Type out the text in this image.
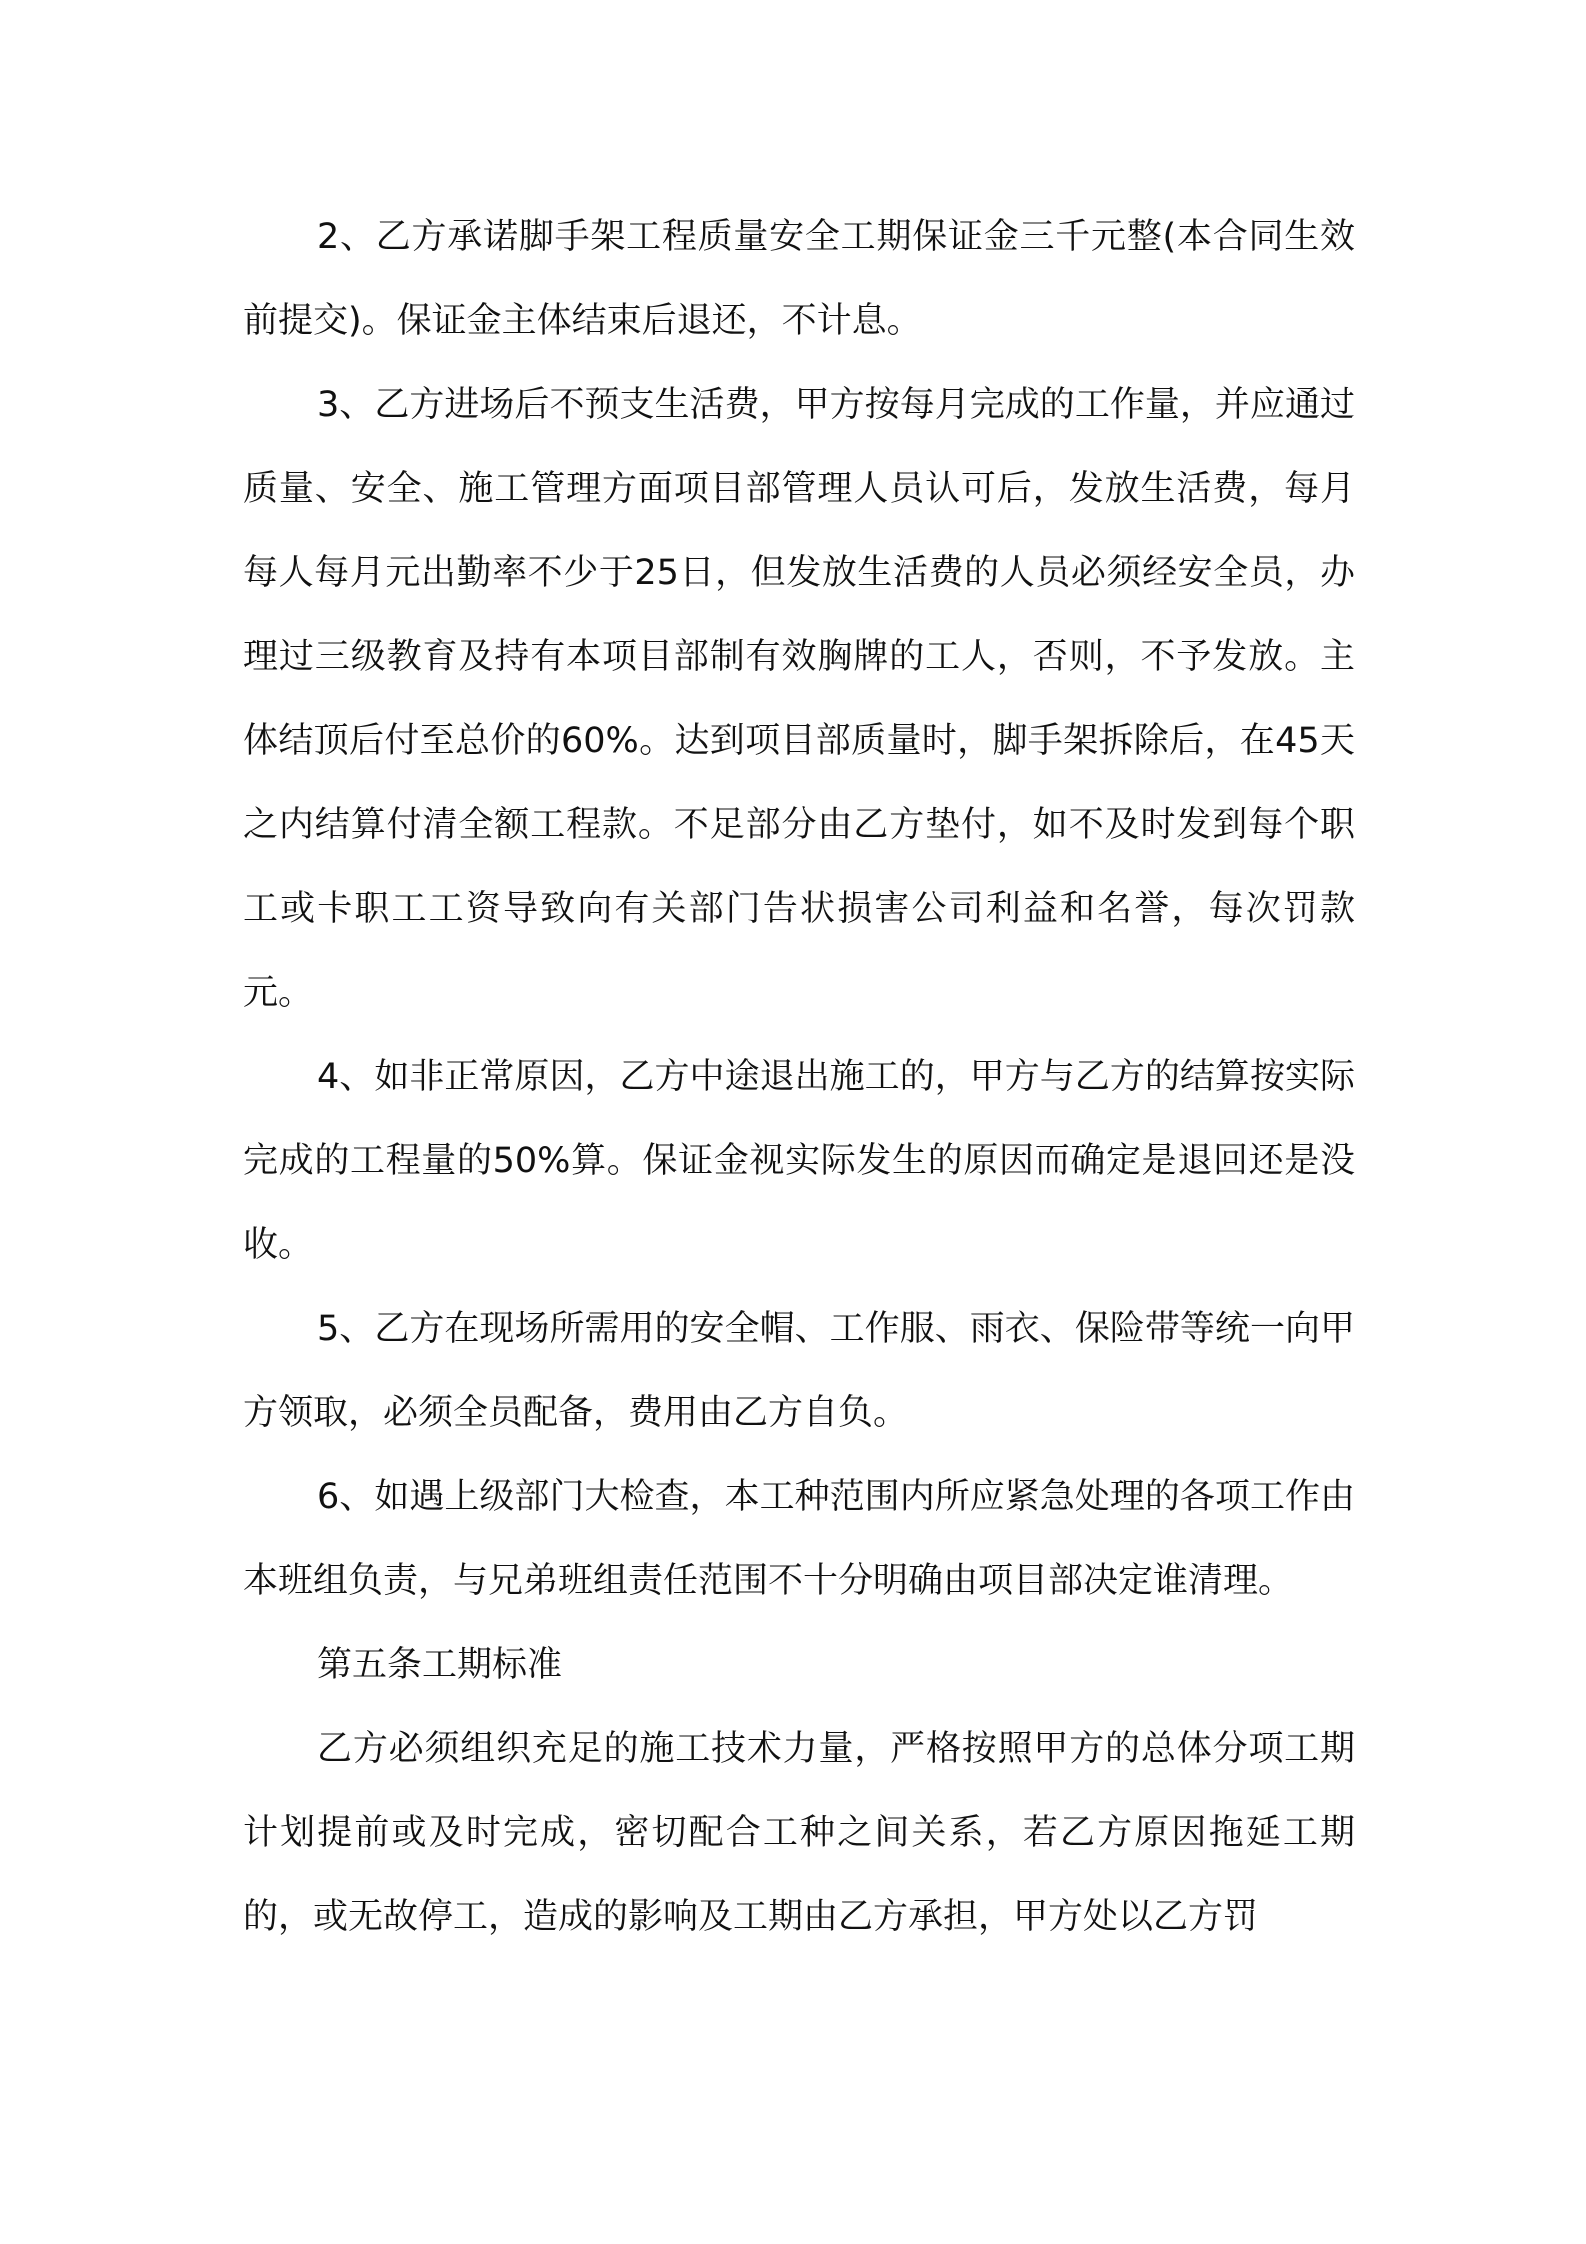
2、乙方承诺脚手架工程质量安全工期保证金三千元整(本合同生效前提交)。保证金主体结束后退还，不计息。

3、乙方进场后不预支生活费，甲方按每月完成的工作量，并应通过质量、安全、施工管理方面项目部管理人员认可后，发放生活费，每月每人每月元出勤率不少于25日，但发放生活费的人员必须经安全员，办理过三级教育及持有本项目部制有效胸牌的工人，否则，不予发放。主体结顶后付至总价的60%。达到项目部质量时，脚手架拆除后，在45天之内结算付清全额工程款。不足部分由乙方垫付，如不及时发到每个职工或卡职工工资导致向有关部门告状损害公司利益和名誉，每次罚款元。

4、如非正常原因，乙方中途退出施工的，甲方与乙方的结算按实际完成的工程量的50%算。保证金视实际发生的原因而确定是退回还是没收。

5、乙方在现场所需用的安全帽、工作服、雨衣、保险带等统一向甲方领取，必须全员配备，费用由乙方自负。

6、如遇上级部门大检查，本工种范围内所应紧急处理的各项工作由本班组负责，与兄弟班组责任范围不十分明确由项目部决定谁清理。

第五条工期标准

乙方必须组织充足的施工技术力量，严格按照甲方的总体分项工期计划提前或及时完成，密切配合工种之间关系，若乙方原因拖延工期的，或无故停工，造成的影响及工期由乙方承担，甲方处以乙方罚
